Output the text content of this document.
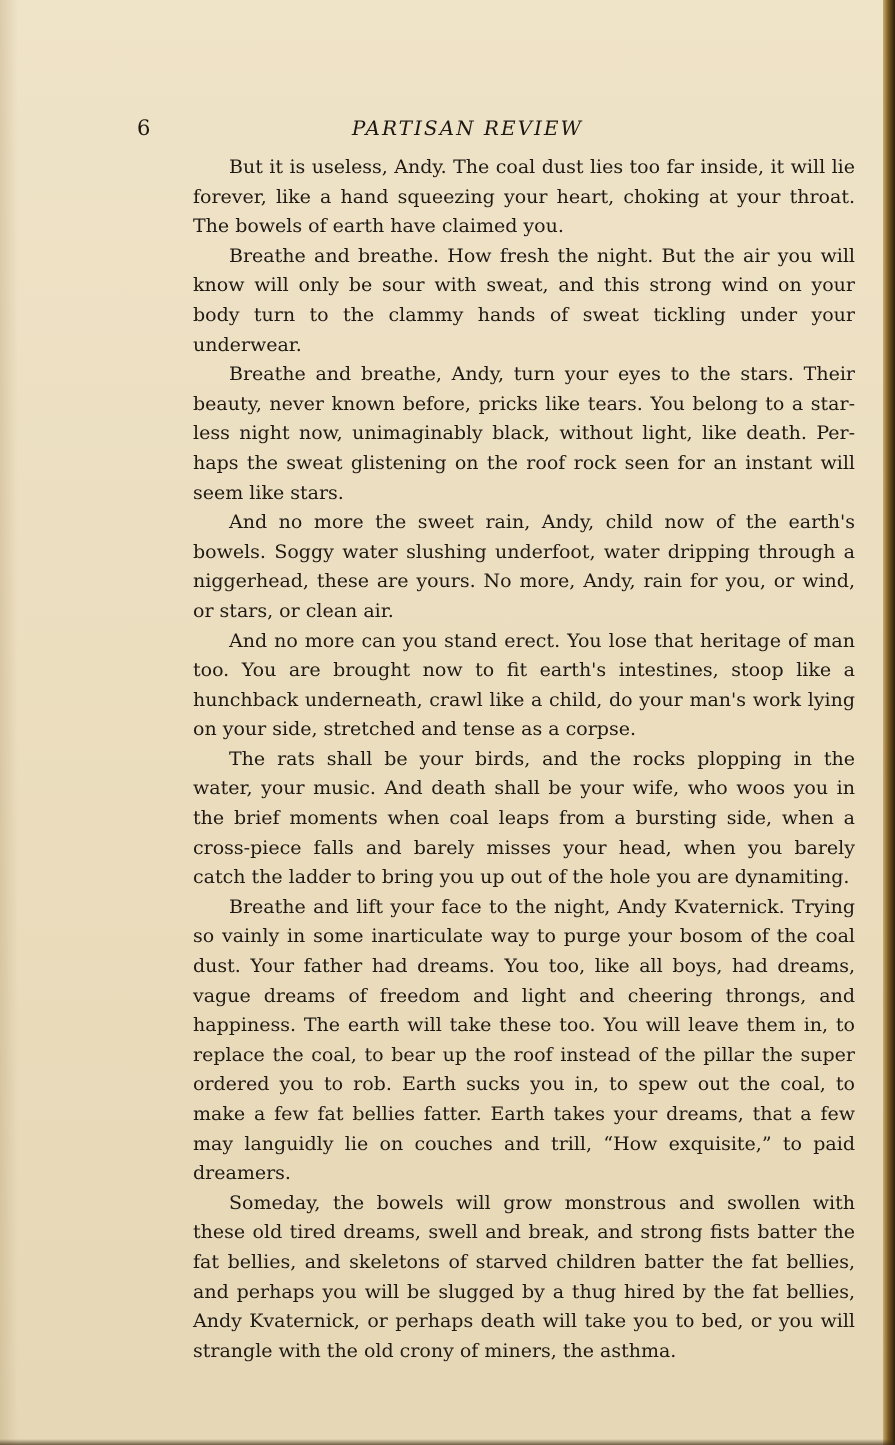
6	PARTISAN REVIEW

But it is useless, Andy. The coal dust lies too far inside, it will lie forever, like a hand squeezing your heart, choking at your throat. The bowels of earth have claimed you.

Breathe and breathe. How fresh the night. But the air you will know will only be sour with sweat, and this strong wind on your body turn to the clammy hands of sweat tickling under your underwear.

Breathe and breathe, Andy, turn your eyes to the stars. Their beauty, never known before, pricks like tears. You belong to a star-less night now, unimaginably black, without light, like death. Per-haps the sweat glistening on the roof rock seen for an instant will seem like stars.

And no more the sweet rain, Andy, child now of the earth's bowels. Soggy water slushing underfoot, water dripping through a niggerhead, these are yours. No more, Andy, rain for you, or wind, or stars, or clean air.

And no more can you stand erect. You lose that heritage of man too. You are brought now to fit earth's intestines, stoop like a hunchback underneath, crawl like a child, do your man's work lying on your side, stretched and tense as a corpse.

The rats shall be your birds, and the rocks plopping in the water, your music. And death shall be your wife, who woos you in the brief moments when coal leaps from a bursting side, when a cross-piece falls and barely misses your head, when you barely catch the ladder to bring you up out of the hole you are dynamiting.

Breathe and lift your face to the night, Andy Kvaternick. Trying so vainly in some inarticulate way to purge your bosom of the coal dust. Your father had dreams. You too, like all boys, had dreams, vague dreams of freedom and light and cheering throngs, and happiness. The earth will take these too. You will leave them in, to replace the coal, to bear up the roof instead of the pillar the super ordered you to rob. Earth sucks you in, to spew out the coal, to make a few fat bellies fatter. Earth takes your dreams, that a few may languidly lie on couches and trill, “How exquisite,” to paid dreamers.

Someday, the bowels will grow monstrous and swollen with these old tired dreams, swell and break, and strong fists batter the fat bellies, and skeletons of starved children batter the fat bellies, and perhaps you will be slugged by a thug hired by the fat bellies, Andy Kvaternick, or perhaps death will take you to bed, or you will strangle with the old crony of miners, the asthma.
